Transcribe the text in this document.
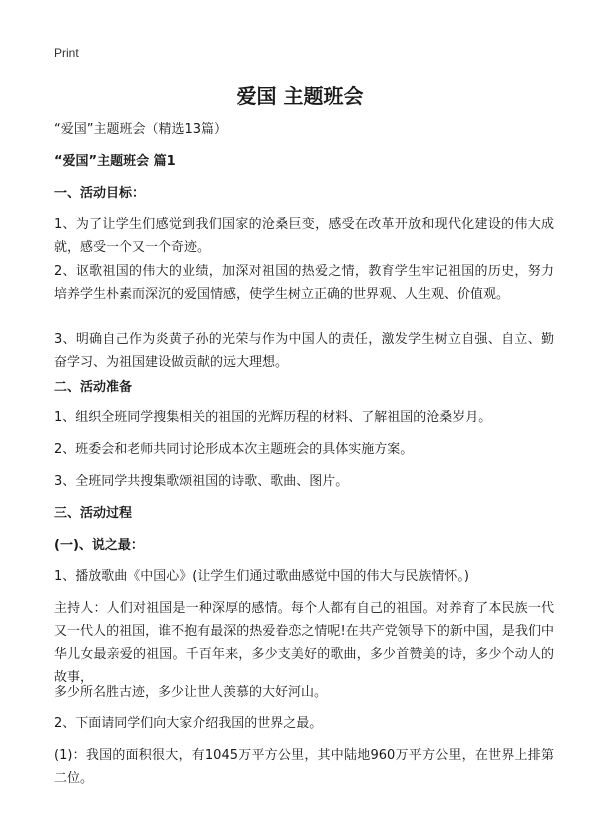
Print
爱国 主题班会
“爱国”主题班会（精选13篇）
“爱国”主题班会 篇1
一、活动目标：
1、为了让学生们感觉到我们国家的沧桑巨变，感受在改革开放和现代化建设的伟大成就，感受一个又一个奇迹。
2、讴歌祖国的伟大的业绩，加深对祖国的热爱之情，教育学生牢记祖国的历史，努力培养学生朴素而深沉的爱国情感，使学生树立正确的世界观、人生观、价值观。
3、明确自己作为炎黄子孙的光荣与作为中国人的责任，激发学生树立自强、自立、勤奋学习、为祖国建设做贡献的远大理想。
二、活动准备
1、组织全班同学搜集相关的祖国的光辉历程的材料、了解祖国的沧桑岁月。
2、班委会和老师共同讨论形成本次主题班会的具体实施方案。
3、全班同学共搜集歌颂祖国的诗歌、歌曲、图片。
三、活动过程
(一)、说之最：
1、播放歌曲《中国心》(让学生们通过歌曲感觉中国的伟大与民族情怀。)
主持人：人们对祖国是一种深厚的感情。每个人都有自己的祖国。对养育了本民族一代又一代人的祖国，谁不抱有最深的热爱眷恋之情呢!在共产党领导下的新中国，是我们中华儿女最亲爱的祖国。千百年来，多少支美好的歌曲，多少首赞美的诗，多少个动人的故事，
多少所名胜古迹，多少让世人羡慕的大好河山。
2、下面请同学们向大家介绍我国的世界之最。
(1)：我国的面积很大，有1045万平方公里，其中陆地960万平方公里，在世界上排第二位。
